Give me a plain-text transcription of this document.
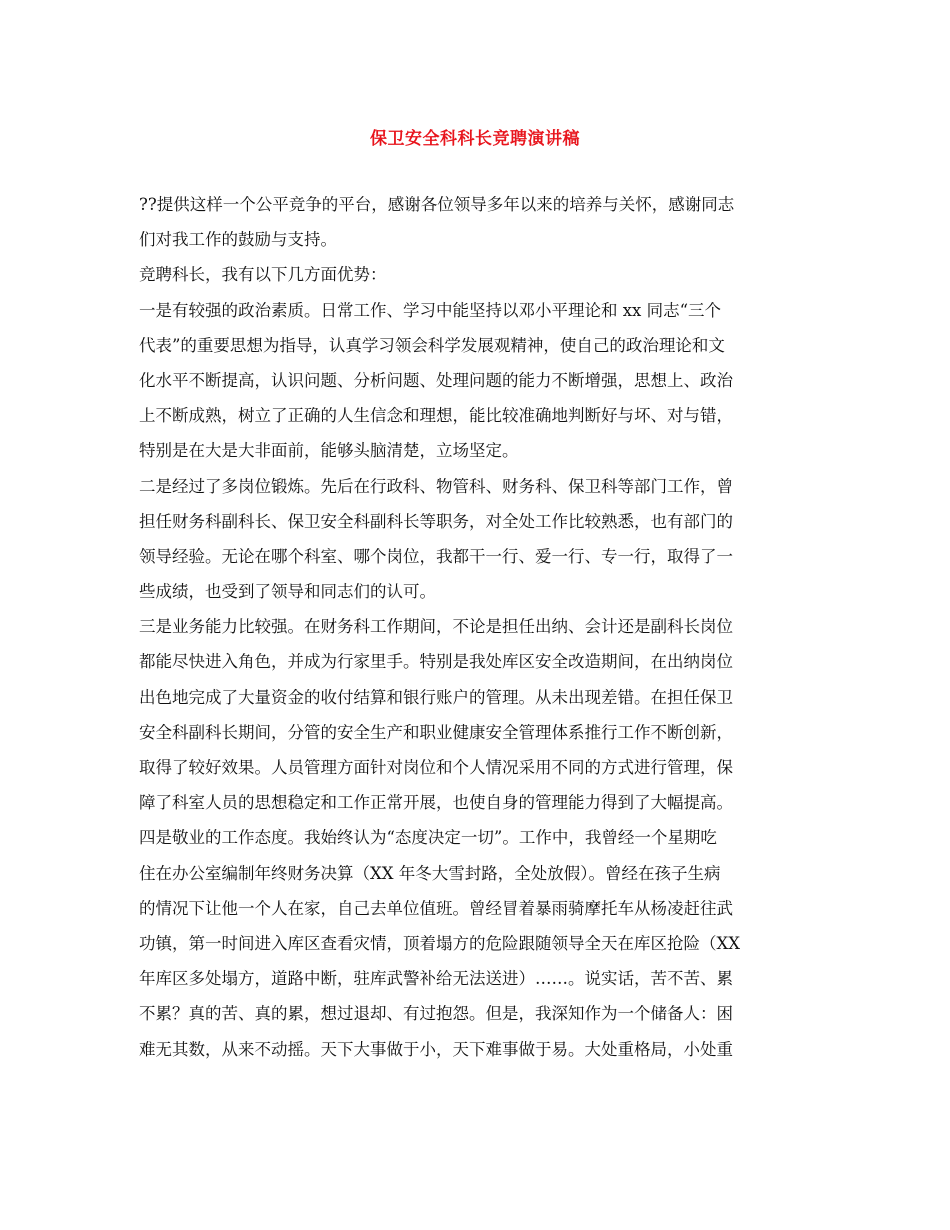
保卫安全科科长竞聘演讲稿
??提供这样一个公平竞争的平台，感谢各位领导多年以来的培养与关怀，感谢同志
们对我工作的鼓励与支持。
竞聘科长，我有以下几方面优势：
一是有较强的政治素质。日常工作、学习中能坚持以邓小平理论和 xx 同志“三个
代表”的重要思想为指导，认真学习领会科学发展观精神，使自己的政治理论和文
化水平不断提高，认识问题、分析问题、处理问题的能力不断增强，思想上、政治
上不断成熟，树立了正确的人生信念和理想，能比较准确地判断好与坏、对与错，
特别是在大是大非面前，能够头脑清楚，立场坚定。
二是经过了多岗位锻炼。先后在行政科、物管科、财务科、保卫科等部门工作，曾
担任财务科副科长、保卫安全科副科长等职务，对全处工作比较熟悉，也有部门的
领导经验。无论在哪个科室、哪个岗位，我都干一行、爱一行、专一行，取得了一
些成绩，也受到了领导和同志们的认可。
三是业务能力比较强。在财务科工作期间，不论是担任出纳、会计还是副科长岗位
都能尽快进入角色，并成为行家里手。特别是我处库区安全改造期间，在出纳岗位
出色地完成了大量资金的收付结算和银行账户的管理。从未出现差错。在担任保卫
安全科副科长期间，分管的安全生产和职业健康安全管理体系推行工作不断创新，
取得了较好效果。人员管理方面针对岗位和个人情况采用不同的方式进行管理，保
障了科室人员的思想稳定和工作正常开展，也使自身的管理能力得到了大幅提高。
四是敬业的工作态度。我始终认为“态度决定一切”。工作中，我曾经一个星期吃
住在办公室编制年终财务决算（XX 年冬大雪封路，全处放假）。曾经在孩子生病
的情况下让他一个人在家，自己去单位值班。曾经冒着暴雨骑摩托车从杨凌赶往武
功镇，第一时间进入库区查看灾情，顶着塌方的危险跟随领导全天在库区抢险（XX
年库区多处塌方，道路中断，驻库武警补给无法送进）……。说实话，苦不苦、累
不累？真的苦、真的累，想过退却、有过抱怨。但是，我深知作为一个储备人：困
难无其数，从来不动摇。天下大事做于小，天下难事做于易。大处重格局，小处重
